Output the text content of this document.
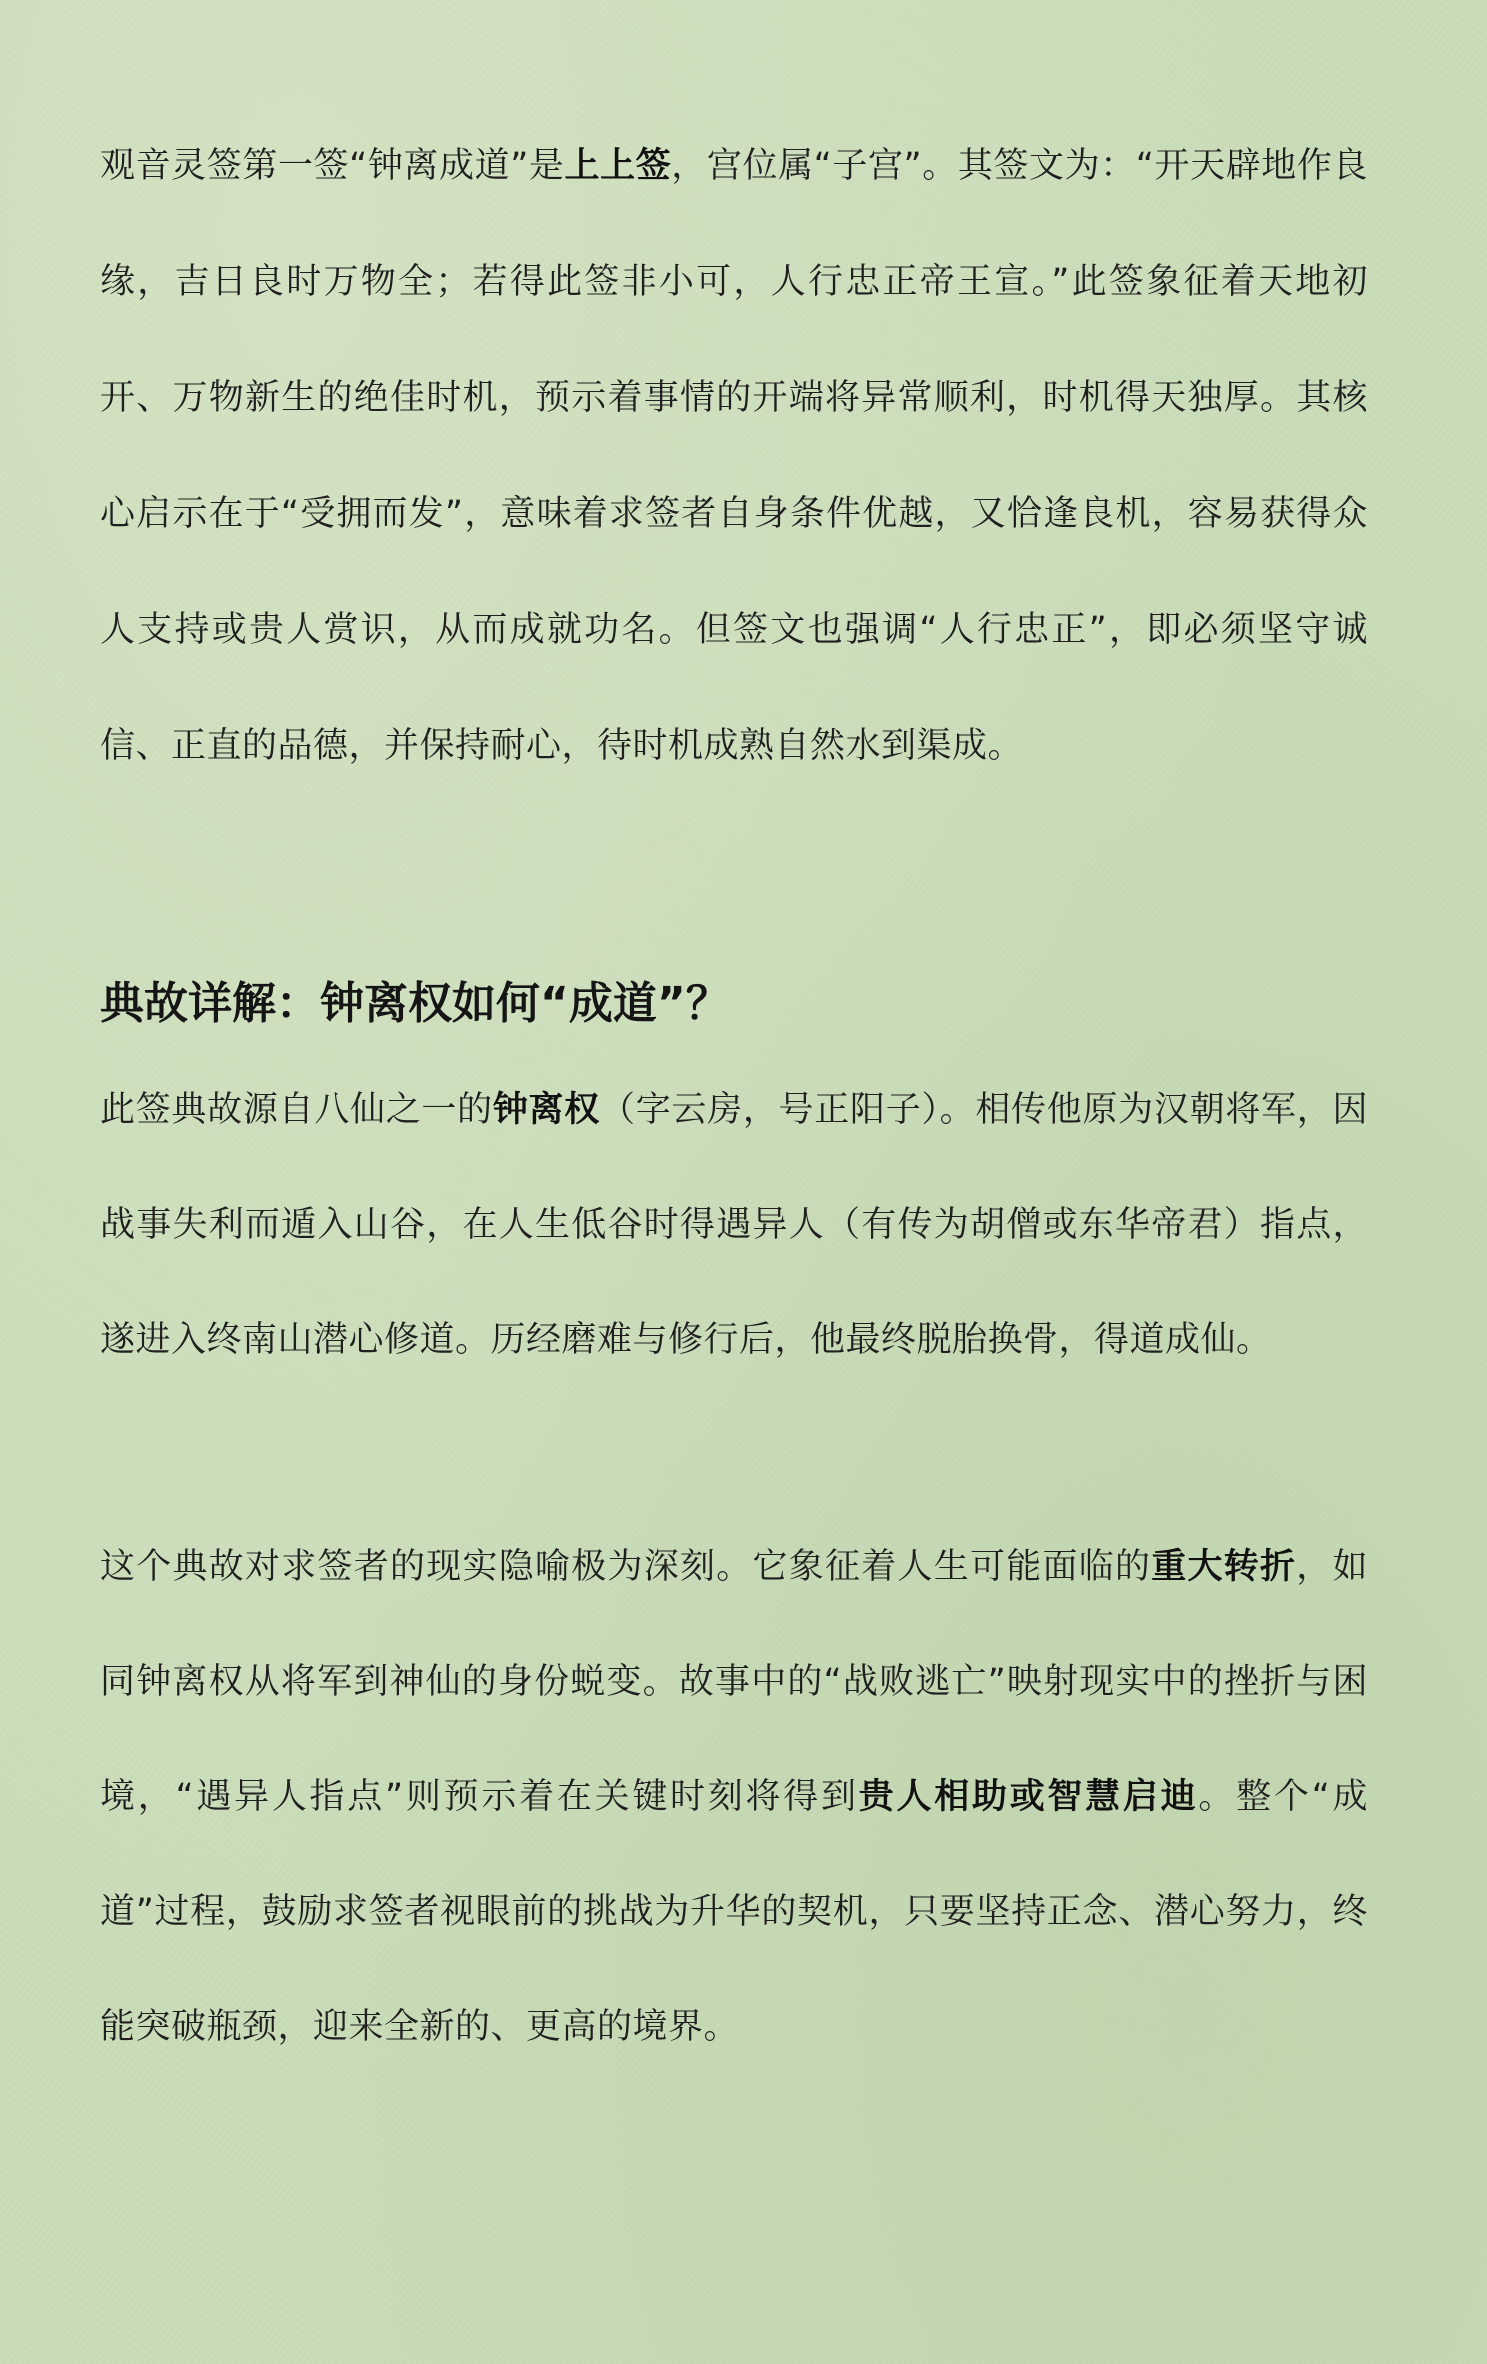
观音灵签第一签“钟离成道”是上上签，宫位属“子宫”。其签文为：“开天辟地作良缘，吉日良时万物全；若得此签非小可，人行忠正帝王宣。”此签象征着天地初开、万物新生的绝佳时机，预示着事情的开端将异常顺利，时机得天独厚。其核心启示在于“受拥而发”，意味着求签者自身条件优越，又恰逢良机，容易获得众人支持或贵人赏识，从而成就功名。但签文也强调“人行忠正”，即必须坚守诚信、正直的品德，并保持耐心，待时机成熟自然水到渠成。

典故详解：钟离权如何“成道”？

此签典故源自八仙之一的钟离权（字云房，号正阳子）。相传他原为汉朝将军，因战事失利而遁入山谷，在人生低谷时得遇异人（有传为胡僧或东华帝君）指点，遂进入终南山潜心修道。历经磨难与修行后，他最终脱胎换骨，得道成仙。

这个典故对求签者的现实隐喻极为深刻。它象征着人生可能面临的重大转折，如同钟离权从将军到神仙的身份蜕变。故事中的“战败逃亡”映射现实中的挫折与困境，“遇异人指点”则预示着在关键时刻将得到贵人相助或智慧启迪。整个“成道”过程，鼓励求签者视眼前的挑战为升华的契机，只要坚持正念、潜心努力，终能突破瓶颈，迎来全新的、更高的境界。
